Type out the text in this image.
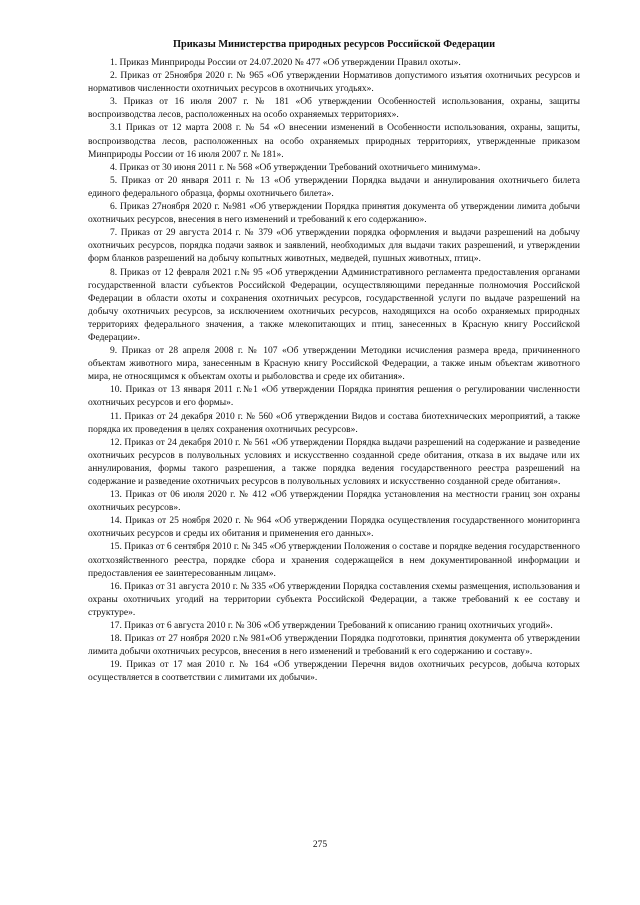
Приказы Министерства природных ресурсов Российской Федерации

1. Приказ Минприроды России от 24.07.2020 № 477 «Об утверждении Правил охоты».

2. Приказ от 25ноября 2020 г. № 965 «Об утверждении Нормативов допустимого изъятия охотничьих ресурсов и нормативов численности охотничьих ресурсов в охотничьих угодьях».

3. Приказ от 16 июля 2007 г. № 181 «Об утверждении Особенностей использования, охраны, защиты воспроизводства лесов, расположенных на особо охраняемых территориях».

3.1 Приказ от 12 марта 2008 г. № 54 «О внесении изменений в Особенности использования, охраны, защиты, воспроизводства лесов, расположенных на особо охраняемых природных территориях, утвержденные приказом Минприроды России от 16 июля 2007 г. № 181».

4. Приказ от 30 июня 2011 г. № 568 «Об утверждении Требований охотничьего минимума».

5. Приказ от 20 января 2011 г. № 13 «Об утверждении Порядка выдачи и аннулирования охотничьего билета единого федерального образца, формы охотничьего билета».

6. Приказ 27ноября 2020 г. №981 «Об утверждении Порядка принятия документа об утверждении лимита добычи охотничьих ресурсов, внесения в него изменений и требований к его содержанию».

7. Приказ от 29 августа 2014 г. № 379 «Об утверждении порядка оформления и выдачи разрешений на добычу охотничьих ресурсов, порядка подачи заявок и заявлений, необходимых для выдачи таких разрешений, и утверждении форм бланков разрешений на добычу копытных животных, медведей, пушных животных, птиц».

8. Приказ от 12 февраля 2021 г.№ 95 «Об утверждении Административного регламента предоставления органами государственной власти субъектов Российской Федерации, осуществляющими переданные полномочия Российской Федерации в области охоты и сохранения охотничьих ресурсов, государственной услуги по выдаче разрешений на добычу охотничьих ресурсов, за исключением охотничьих ресурсов, находящихся на особо охраняемых природных территориях федерального значения, а также млекопитающих и птиц, занесенных в Красную книгу Российской Федерации».

9. Приказ от 28 апреля 2008 г. № 107 «Об утверждении Методики исчисления размера вреда, причиненного объектам животного мира, занесенным в Красную книгу Российской Федерации, а также иным объектам животного мира, не относящимся к объектам охоты и рыболовства и среде их обитания».

10. Приказ от 13 января 2011 г.№1 «Об утверждении Порядка принятия решения о регулировании численности охотничьих ресурсов и его формы».

11. Приказ от 24 декабря 2010 г. № 560 «Об утверждении Видов и состава биотехнических мероприятий, а также порядка их проведения в целях сохранения охотничьих ресурсов».

12. Приказ от 24 декабря 2010 г. № 561 «Об утверждении Порядка выдачи разрешений на содержание и разведение охотничьих ресурсов в полувольных условиях и искусственно созданной среде обитания, отказа в их выдаче или их аннулирования, формы такого разрешения, а также порядка ведения государственного реестра разрешений на содержание и разведение охотничьих ресурсов в полувольных условиях и искусственно созданной среде обитания».

13. Приказ от 06 июля 2020 г. № 412 «Об утверждении Порядка установления на местности границ зон охраны охотничьих ресурсов».

14. Приказ от 25 ноября 2020 г. № 964 «Об утверждении Порядка осуществления государственного мониторинга охотничьих ресурсов и среды их обитания и применения его данных».

15. Приказ от 6 сентября 2010 г. № 345 «Об утверждении Положения о составе и порядке ведения государственного охотхозяйственного реестра, порядке сбора и хранения содержащейся в нем документированной информации и предоставления ее заинтересованным лицам».

16. Приказ от 31 августа 2010 г. № 335 «Об утверждении Порядка составления схемы размещения, использования и охраны охотничьих угодий на территории субъекта Российской Федерации, а также требований к ее составу и структуре».

17. Приказ от 6 августа 2010 г. № 306 «Об утверждении Требований к описанию границ охотничьих угодий».

18. Приказ от 27 ноября 2020 г.№ 981«Об утверждении Порядка подготовки, принятия документа об утверждении лимита добычи охотничьих ресурсов, внесения в него изменений и требований к его содержанию и составу».

19. Приказ от 17 мая 2010 г. № 164 «Об утверждении Перечня видов охотничьих ресурсов, добыча которых осуществляется в соответствии с лимитами их добычи».

275
